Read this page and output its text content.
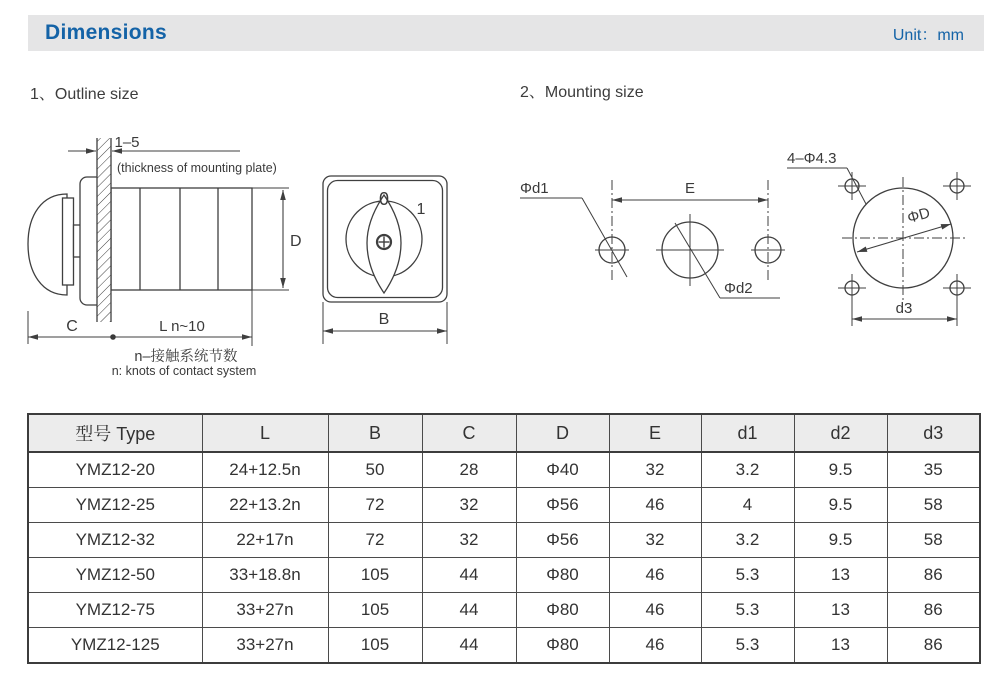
Dimensions	Unit：mm
1、Outline size	2、Mounting size
1–5
(thickness of mounting plate)
D
C	L n~10
n–接触系统节数
n: knots of contact system
0
1
B
Φd1	E
Φd2
4–Φ4.3
ΦD
d3
型号 Type	L	B	C	D	E	d1	d2	d3
YMZ12-20	24+12.5n	50	28	Φ40	32	3.2	9.5	35
YMZ12-25	22+13.2n	72	32	Φ56	46	4	9.5	58
YMZ12-32	22+17n	72	32	Φ56	32	3.2	9.5	58
YMZ12-50	33+18.8n	105	44	Φ80	46	5.3	13	86
YMZ12-75	33+27n	105	44	Φ80	46	5.3	13	86
YMZ12-125	33+27n	105	44	Φ80	46	5.3	13	86
